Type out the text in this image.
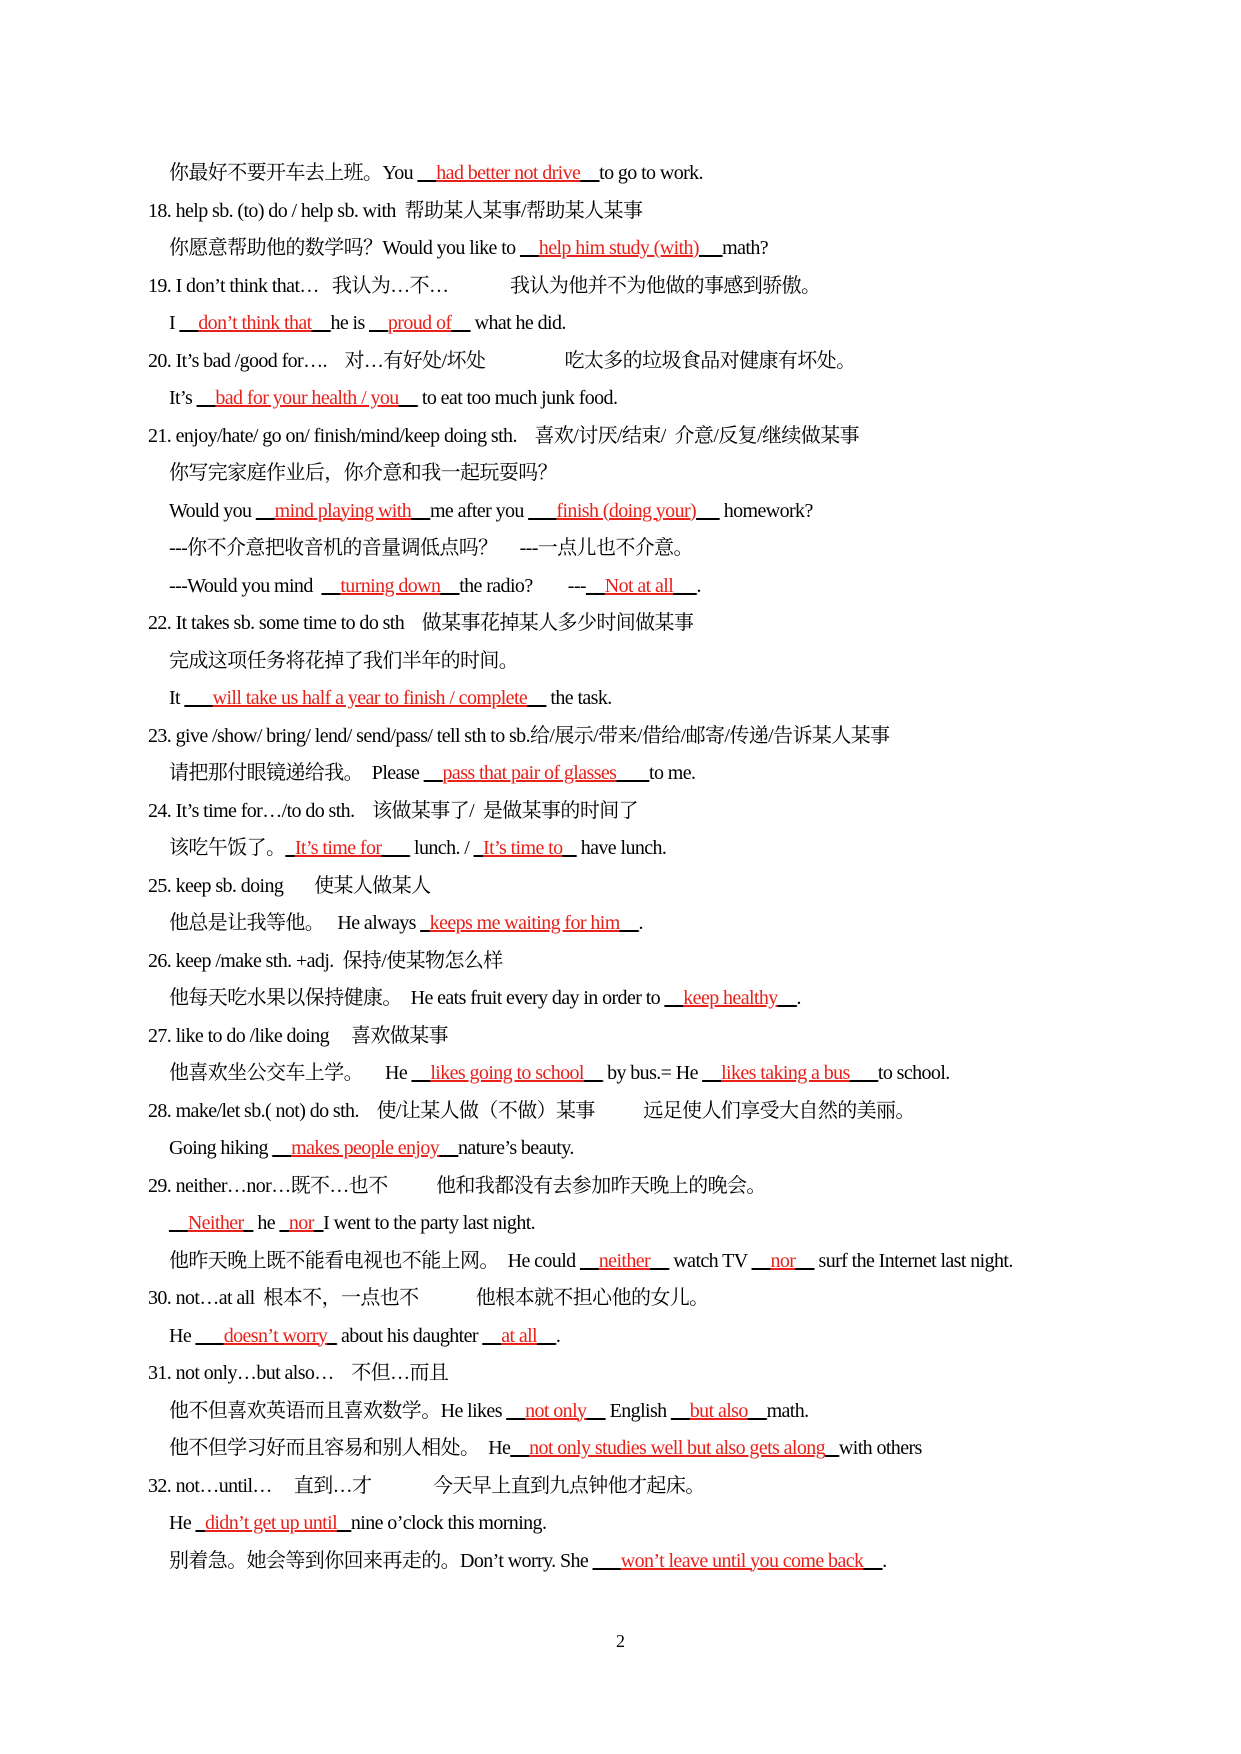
你最好不要开车去上班。You __had better not drive__to go to work.
18. help sb. (to) do / help sb. with  帮助某人某事/帮助某人某事
你愿意帮助他的数学吗？Would you like to __help him study (with) __math?
19. I don’t think that…   我认为…不…              我认为他并不为他做的事感到骄傲。
I __don’t think that__he is __proud of__ what he did.
20. It’s bad /good for….    对…有好处/坏处                  吃太多的垃圾食品对健康有坏处。
It’s __bad for your health / you__ to eat too much junk food.
21. enjoy/hate/ go on/ finish/mind/keep doing sth.    喜欢/讨厌/结束/  介意/反复/继续做某事
你写完家庭作业后，你介意和我一起玩耍吗？
Would you __mind playing with__me after you ___finish (doing your) __ homework?
---你不介意把收音机的音量调低点吗？     ---一点儿也不介意。
---Would you mind  __turning down__the radio?        ---__Not at all __.
22. It takes sb. some time to do sth    做某事花掉某人多少时间做某事
完成这项任务将花掉了我们半年的时间。
It ___will take us half a year to finish / complete__ the task.
23. give /show/ bring/ lend/ send/pass/ tell sth to sb.给/展示/带来/借给/邮寄/传递/告诉某人某事
请把那付眼镜递给我。  Please __pass that pair of glasses ___to me.
24. It’s time for…/to do sth.    该做某事了/  是做某事的时间了
该吃午饭了。_It’s time for___ lunch. / _It’s time to _ have lunch.
25. keep sb. doing       使某人做某人
他总是让我等他。   He always _keeps me waiting for him__.
26. keep /make sth. +adj.  保持/使某物怎么样
他每天吃水果以保持健康。  He eats fruit every day in order to __keep healthy__.
27. like to do /like doing     喜欢做某事
他喜欢坐公交车上学。     He __likes going to school__ by bus.= He __likes taking a bus___to school.
28. make/let sb.( not) do sth.    使/让某人做（不做）某事           远足使人们享受大自然的美丽。
Going hiking __makes people enjoy__nature’s beauty.
29. neither…nor…既不…也不           他和我都没有去参加昨天晚上的晚会。
__Neither_ he _nor_I went to the party last night.
他昨天晚上既不能看电视也不能上网。  He could __neither__ watch TV __nor__ surf the Internet last night.
30. not…at all  根本不，一点也不             他根本就不担心他的女儿。
He ___doesn’t worry_ about his daughter __at all__.
31. not only…but also…    不但…而且
他不但喜欢英语而且喜欢数学。He likes __not only__ English __but also__math.
他不但学习好而且容易和别人相处。  He__not only studies well but also gets along _with others
32. not…until…     直到…才              今天早上直到九点钟他才起床。
He _didn’t get up until _nine o’clock this morning.
别着急。她会等到你回来再走的。Don’t worry. She ___won’t leave until you come back__.
2
